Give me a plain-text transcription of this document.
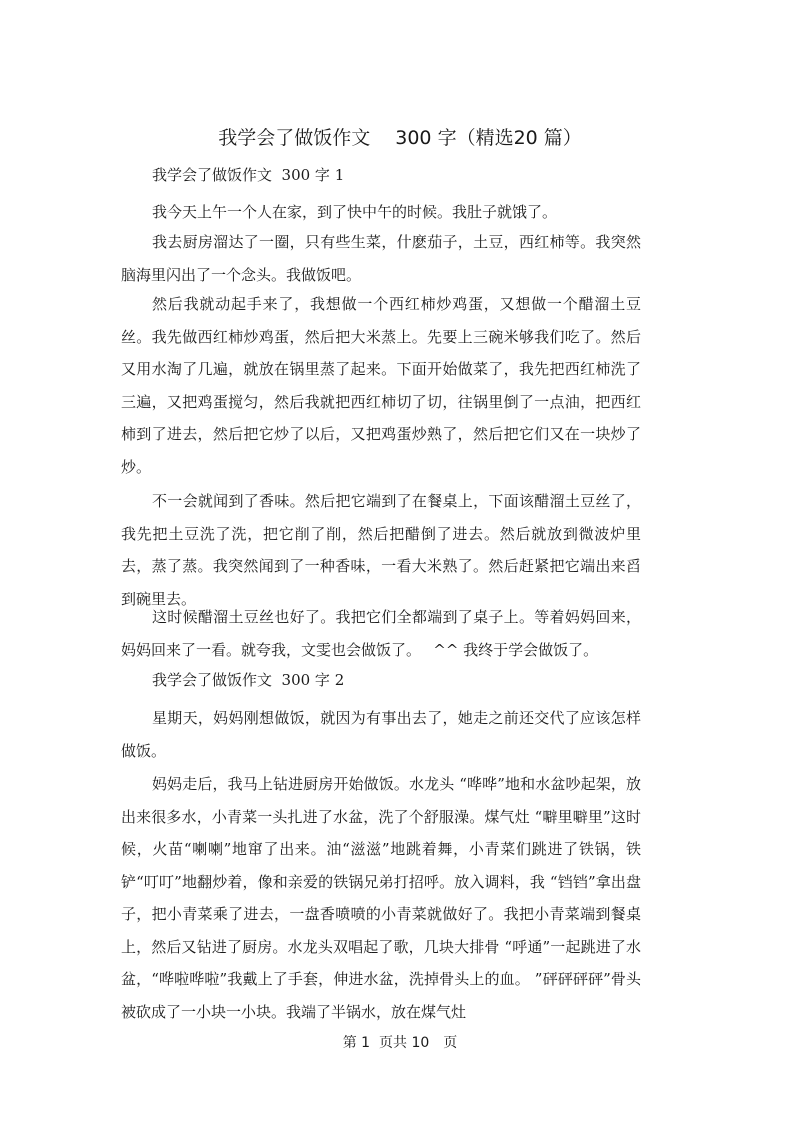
我学会了做饭作文　 300 字（精选20 篇）
我学会了做饭作文  300 字 1

我今天上午一个人在家，到了快中午的时候。我肚子就饿了。

我去厨房溜达了一圈，只有些生菜，什麽茄子，土豆，西红柿等。我突然脑海里闪出了一个念头。我做饭吧。

然后我就动起手来了，我想做一个西红柿炒鸡蛋，又想做一个醋溜土豆丝。我先做西红柿炒鸡蛋，然后把大米蒸上。先要上三碗米够我们吃了。然后又用水淘了几遍，就放在锅里蒸了起来。下面开始做菜了，我先把西红柿洗了三遍，又把鸡蛋搅匀，然后我就把西红柿切了切，往锅里倒了一点油，把西红柿到了进去，然后把它炒了以后，又把鸡蛋炒熟了，然后把它们又在一块炒了炒。

不一会就闻到了香味。然后把它端到了在餐桌上，下面该醋溜土豆丝了，我先把土豆洗了洗，把它削了削，然后把醋倒了进去。然后就放到微波炉里去，蒸了蒸。我突然闻到了一种香味，一看大米熟了。然后赶紧把它端出来舀到碗里去。

这时候醋溜土豆丝也好了。我把它们全都端到了桌子上。等着妈妈回来，妈妈回来了一看。就夸我，文雯也会做饭了。　 ^^ 我终于学会做饭了。

我学会了做饭作文  300 字 2

星期天，妈妈刚想做饭，就因为有事出去了，她走之前还交代了应该怎样做饭。

妈妈走后，我马上钻进厨房开始做饭。水龙头 “哗哗”地和水盆吵起架，放出来很多水，小青菜一头扎进了水盆，洗了个舒服澡。煤气灶 “噼里噼里”这时候，火苗“喇喇”地窜了出来。油“滋滋”地跳着舞，小青菜们跳进了铁锅，铁铲“叮叮”地翻炒着，像和亲爱的铁锅兄弟打招呼。放入调料，我 “铛铛”拿出盘子，把小青菜乘了进去，一盘香喷喷的小青菜就做好了。我把小青菜端到餐桌上，然后又钻进了厨房。水龙头双唱起了歌，几块大排骨 “呼通”一起跳进了水盆，“哗啦哗啦”我戴上了手套，伸进水盆，洗掉骨头上的血。 ”砰砰砰砰”骨头被砍成了一小块一小块。我端了半锅水，放在煤气灶

第 1  页共 10　页
